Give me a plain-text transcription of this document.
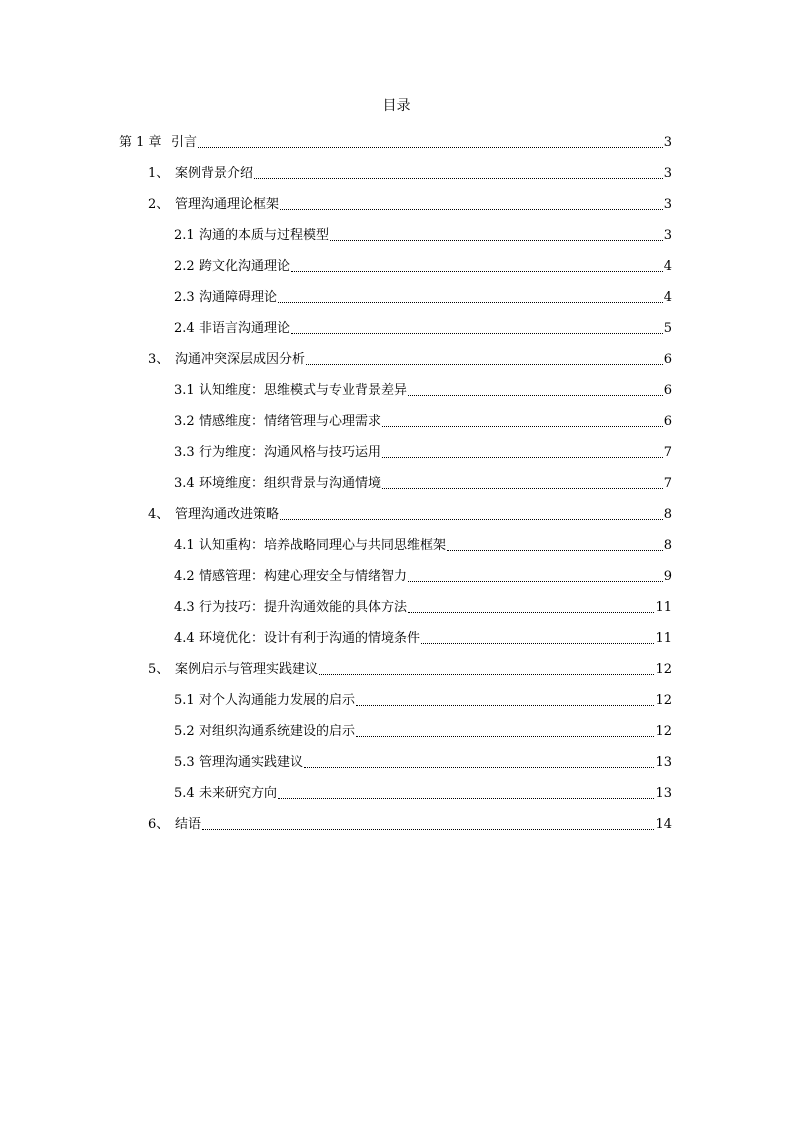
目录
第 1 章 引言	3
1、 案例背景介绍	3
2、 管理沟通理论框架	3
2.1 沟通的本质与过程模型	3
2.2 跨文化沟通理论	4
2.3 沟通障碍理论	4
2.4 非语言沟通理论	5
3、 沟通冲突深层成因分析	6
3.1 认知维度：思维模式与专业背景差异	6
3.2 情感维度：情绪管理与心理需求	6
3.3 行为维度：沟通风格与技巧运用	7
3.4 环境维度：组织背景与沟通情境	7
4、 管理沟通改进策略	8
4.1 认知重构：培养战略同理心与共同思维框架	8
4.2 情感管理：构建心理安全与情绪智力	9
4.3 行为技巧：提升沟通效能的具体方法	11
4.4 环境优化：设计有利于沟通的情境条件	11
5、 案例启示与管理实践建议	12
5.1 对个人沟通能力发展的启示	12
5.2 对组织沟通系统建设的启示	12
5.3 管理沟通实践建议	13
5.4 未来研究方向	13
6、 结语	14
